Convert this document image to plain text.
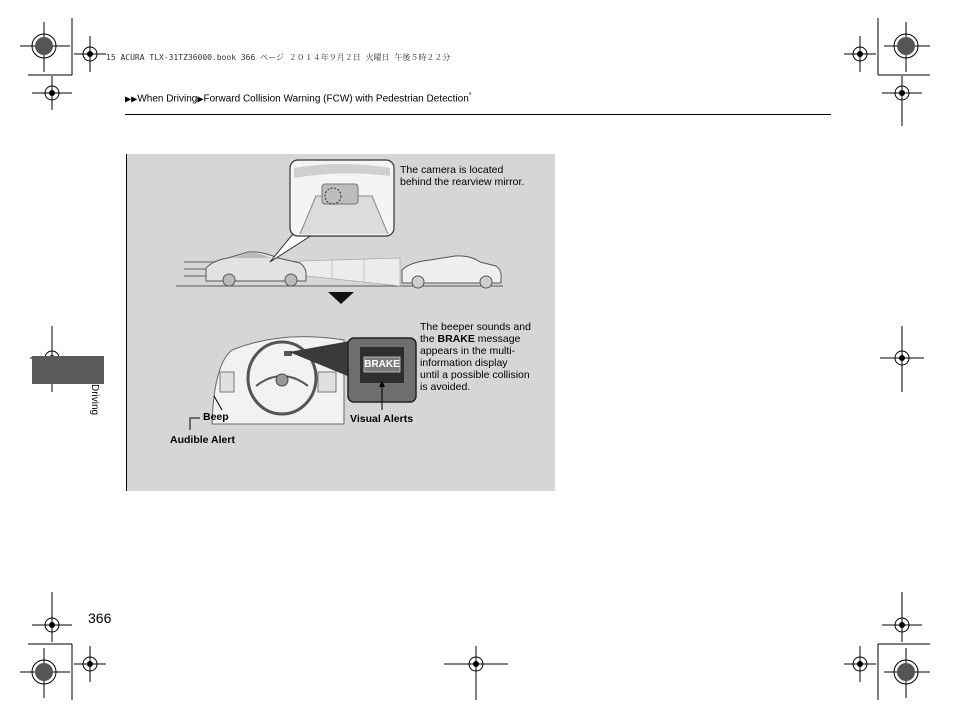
15 ACURA TLX-31TZ36000.book 366 ページ ２０１４年９月２日 火曜日 午後５時２２分
▶▶When Driving▶Forward Collision Warning (FCW) with Pedestrian Detection*
The camera is located
behind the rearview mirror.
The beeper sounds and
the BRAKE message
appears in the multi-
information display
until a possible collision
is avoided.
BRAKE
Beep
Audible Alert
Visual Alerts
Driving
366
